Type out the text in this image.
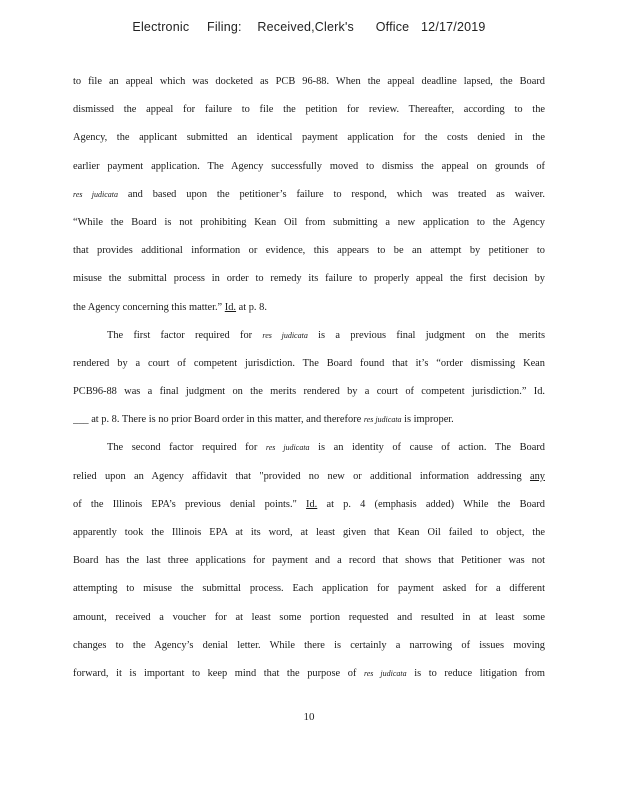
Electronic Filing: Received,Clerk's Office 12/17/2019
to file an appeal which was docketed as PCB 96-88. When the appeal deadline lapsed, the Board
dismissed the appeal for failure to file the petition for review. Thereafter, according to the
Agency, the applicant submitted an identical payment application for the costs denied in the
earlier payment application. The Agency successfully moved to dismiss the appeal on grounds of
res judicata and based upon the petitioner’s failure to respond, which was treated as waiver.
“While the Board is not prohibiting Kean Oil from submitting a new application to the Agency
that provides additional information or evidence, this appears to be an attempt by petitioner to
misuse the submittal process in order to remedy its failure to properly appeal the first decision by
the Agency concerning this matter.” Id. at p. 8.
The first factor required for res judicata is a previous final judgment on the merits
rendered by a court of competent jurisdiction. The Board found that it’s “order dismissing Kean
PCB96-88 was a final judgment on the merits rendered by a court of competent jurisdiction.” Id.
___ at p. 8. There is no prior Board order in this matter, and therefore res judicata is improper.
The second factor required for res judicata is an identity of cause of action. The Board
relied upon an Agency affidavit that "provided no new or additional information addressing any
of the Illinois EPA’s previous denial points." Id. at p. 4 (emphasis added) While the Board
apparently took the Illinois EPA at its word, at least given that Kean Oil failed to object, the
Board has the last three applications for payment and a record that shows that Petitioner was not
attempting to misuse the submittal process. Each application for payment asked for a different
amount, received a voucher for at least some portion requested and resulted in at least some
changes to the Agency’s denial letter. While there is certainly a narrowing of issues moving
forward, it is important to keep mind that the purpose of res judicata is to reduce litigation from
10
